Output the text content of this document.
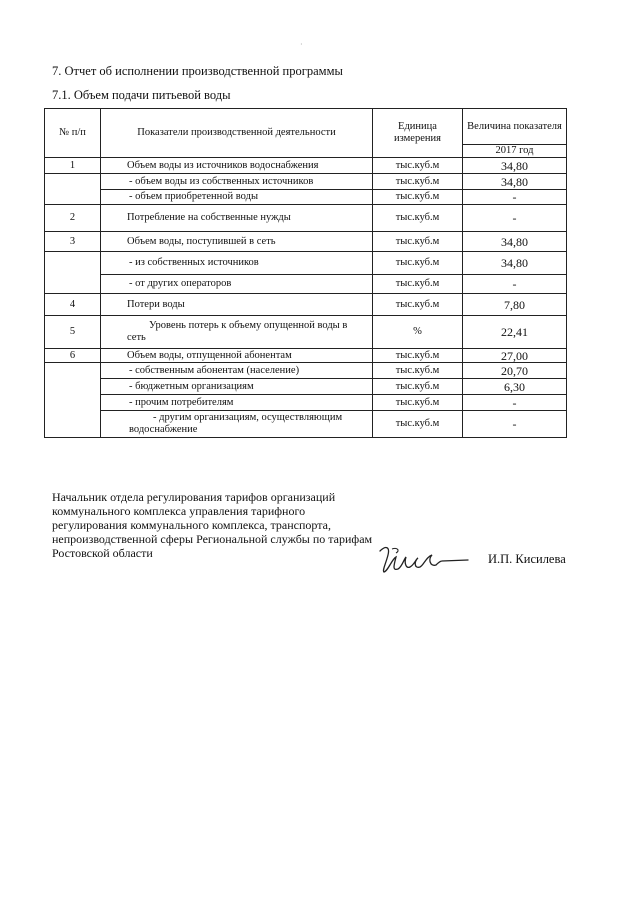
·
7. Отчет об исполнении производственной программы
7.1. Объем подачи питьевой воды
№ п/п	Показатели производственной деятельности	Единица измерения	Величина показателя
			2017 год
1	Объем воды из источников водоснабжения	тыс.куб.м	34,80
	- объем воды из собственных источников	тыс.куб.м	34,80
	- объем приобретенной воды	тыс.куб.м	-
2	Потребление на собственные нужды	тыс.куб.м	-
3	Объем воды, поступившей в сеть	тыс.куб.м	34,80
	- из собственных источников	тыс.куб.м	34,80
	- от других операторов	тыс.куб.м	-
4	Потери воды	тыс.куб.м	7,80
5	Уровень потерь к объему опущенной воды в сеть	%	22,41
6	Объем воды, отпущенной абонентам	тыс.куб.м	27,00
	- собственным абонентам (население)	тыс.куб.м	20,70
	- бюджетным организациям	тыс.куб.м	6,30
	- прочим потребителям	тыс.куб.м	-
	- другим организациям, осуществляющим водоснабжение	тыс.куб.м	-
Начальник отдела регулирования тарифов организаций коммунального комплекса управления тарифного регулирования коммунального комплекса, транспорта, непроизводственной сферы Региональной службы по тарифам Ростовской области	И.П. Кисилева
